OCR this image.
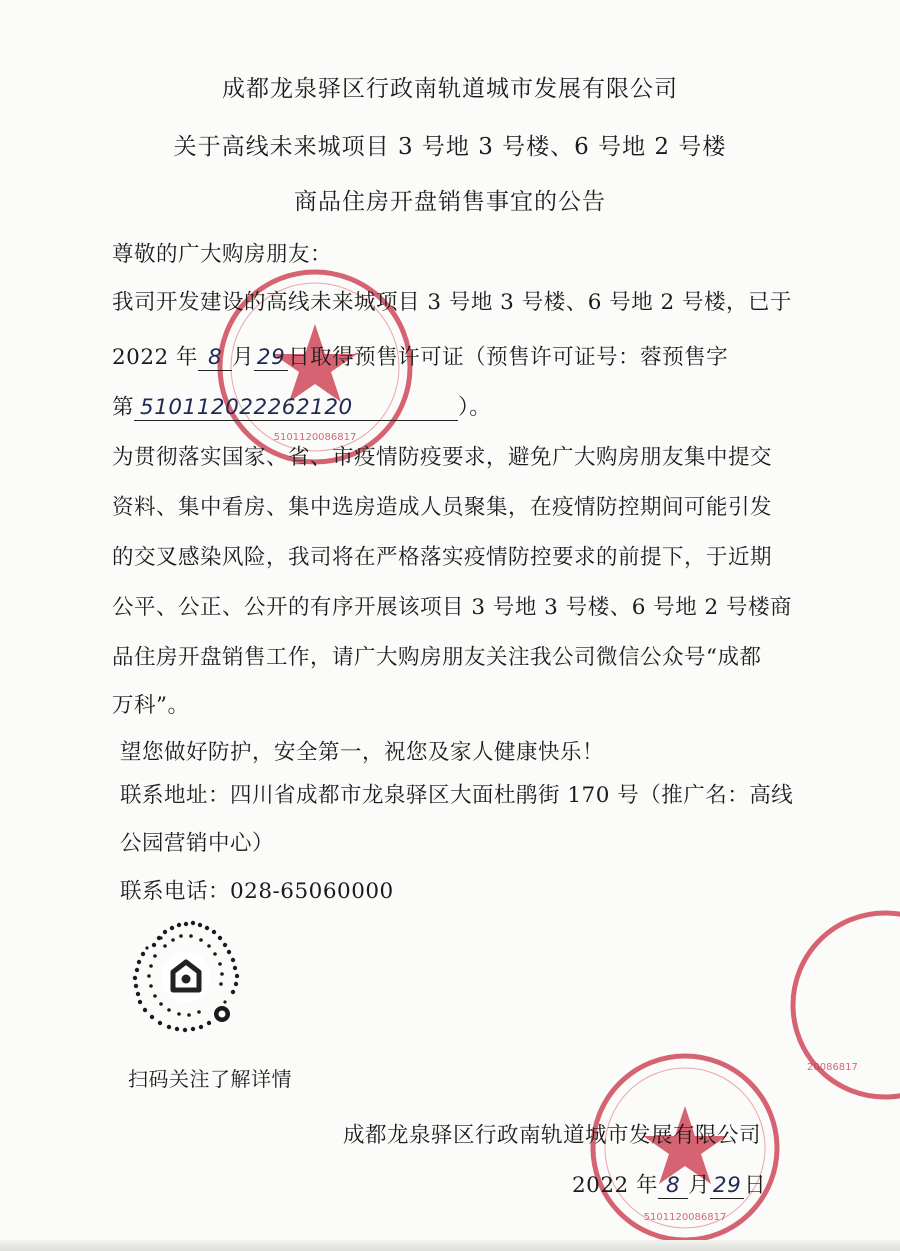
5101120086817
20086817
5101120086817
成都龙泉驿区行政南轨道城市发展有限公司
关于高线未来城项目 3 号地 3 号楼、6 号地 2 号楼
商品住房开盘销售事宜的公告
尊敬的广大购房朋友：
我司开发建设的高线未来城项目 3 号地 3 号楼、6 号地 2 号楼，已于
2022 年 8 月 29 日取得预售许可证（预售许可证号：蓉预售字
第 510112022262120	）。
为贯彻落实国家、省、市疫情防疫要求，避免广大购房朋友集中提交
资料、集中看房、集中选房造成人员聚集，在疫情防控期间可能引发
的交叉感染风险，我司将在严格落实疫情防控要求的前提下，于近期
公平、公正、公开的有序开展该项目 3 号地 3 号楼、6 号地 2 号楼商
品住房开盘销售工作，请广大购房朋友关注我公司微信公众号“成都
万科”。
望您做好防护，安全第一，祝您及家人健康快乐！
联系地址：四川省成都市龙泉驿区大面杜鹃街 170 号（推广名：高线
公园营销中心）
联系电话：028-65060000
扫码关注了解详情
成都龙泉驿区行政南轨道城市发展有限公司
2022 年 8 月 29 日
